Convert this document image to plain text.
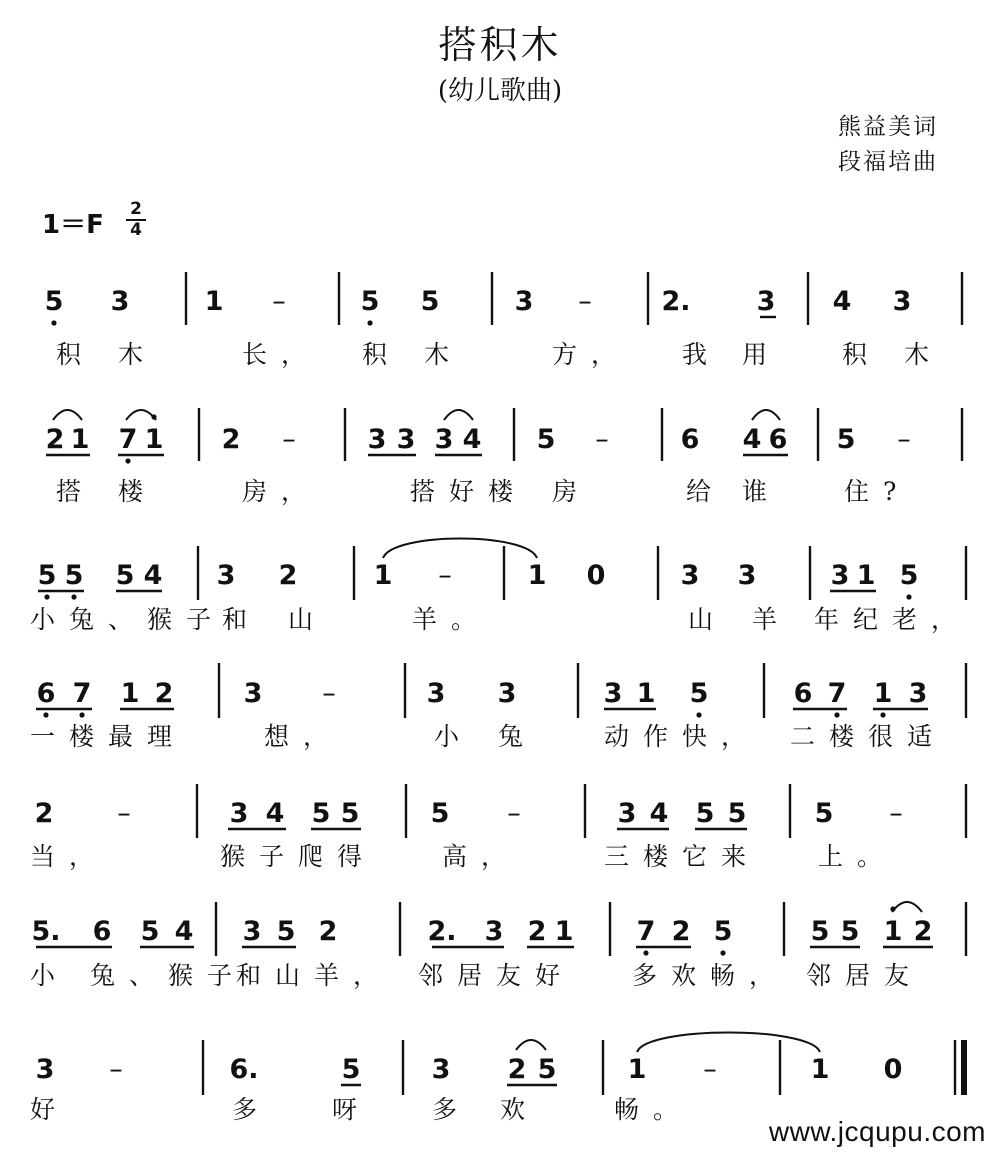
搭积木
(幼儿歌曲)
熊益美词
段福培曲
1＝F
2
4
5 3	1 –	5 5	3 –	2. 3 4 3
积 木	长， 积 木	方， 我 用 积 木
2 1 7 1 2 –	3 3 3 4 5 –	6 4 6 5 –
搭 楼	房，	搭好楼 房	给 谁	住?
5 5 5 4 3 2	1 –	1 0	3 3	3 1 5
小兔、猴子
和 山	羊。	山 羊 年纪老，
6 7 1 2	3 –	3 3	3 1 5	6 7 1 3
一楼最理	想，	小 兔	动作快， 二楼很适
2 –	3 4 5 5	5 –	3 4 5 5	5 –
当，	猴子爬得	高，	三楼它来 上。
5. 6 5 4 3 5 2	2. 3 2 1 7 2 5	5 5 1 2
小 兔、猴子
和山羊， 邻居友好 多欢畅， 邻居友
3 –	6.	5	3 2 5	1 –	1 0
好	多 呀 多 欢	畅。
www.jcqupu.com
